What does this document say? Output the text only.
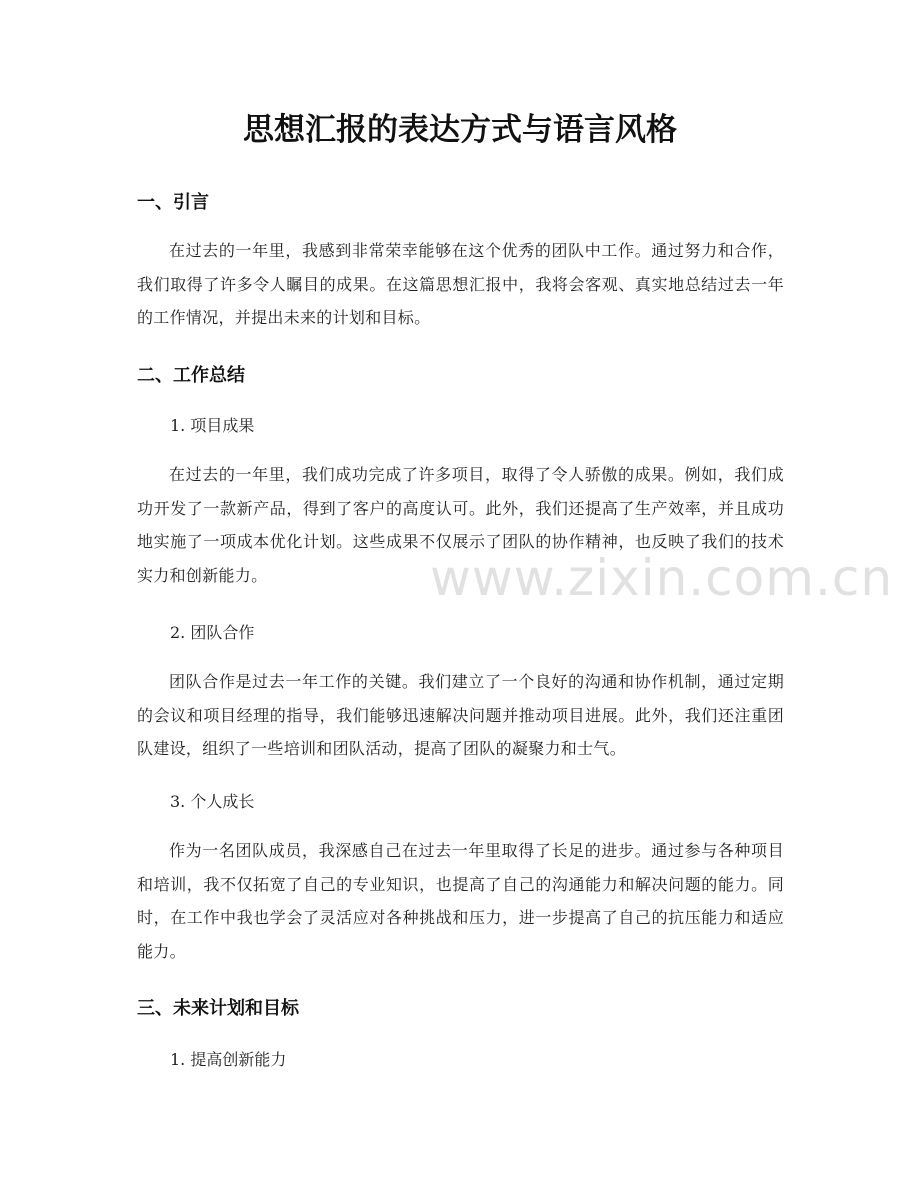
思想汇报的表达方式与语言风格
一、引言

在过去的一年里，我感到非常荣幸能够在这个优秀的团队中工作。通过努力和合作，我们取得了许多令人瞩目的成果。在这篇思想汇报中，我将会客观、真实地总结过去一年的工作情况，并提出未来的计划和目标。

二、工作总结

1. 项目成果

在过去的一年里，我们成功完成了许多项目，取得了令人骄傲的成果。例如，我们成功开发了一款新产品，得到了客户的高度认可。此外，我们还提高了生产效率，并且成功地实施了一项成本优化计划。这些成果不仅展示了团队的协作精神，也反映了我们的技术实力和创新能力。

2. 团队合作

团队合作是过去一年工作的关键。我们建立了一个良好的沟通和协作机制，通过定期的会议和项目经理的指导，我们能够迅速解决问题并推动项目进展。此外，我们还注重团队建设，组织了一些培训和团队活动，提高了团队的凝聚力和士气。

3. 个人成长

作为一名团队成员，我深感自己在过去一年里取得了长足的进步。通过参与各种项目和培训，我不仅拓宽了自己的专业知识，也提高了自己的沟通能力和解决问题的能力。同时，在工作中我也学会了灵活应对各种挑战和压力，进一步提高了自己的抗压能力和适应能力。

三、未来计划和目标

1. 提高创新能力

www.zixin.com.cn
